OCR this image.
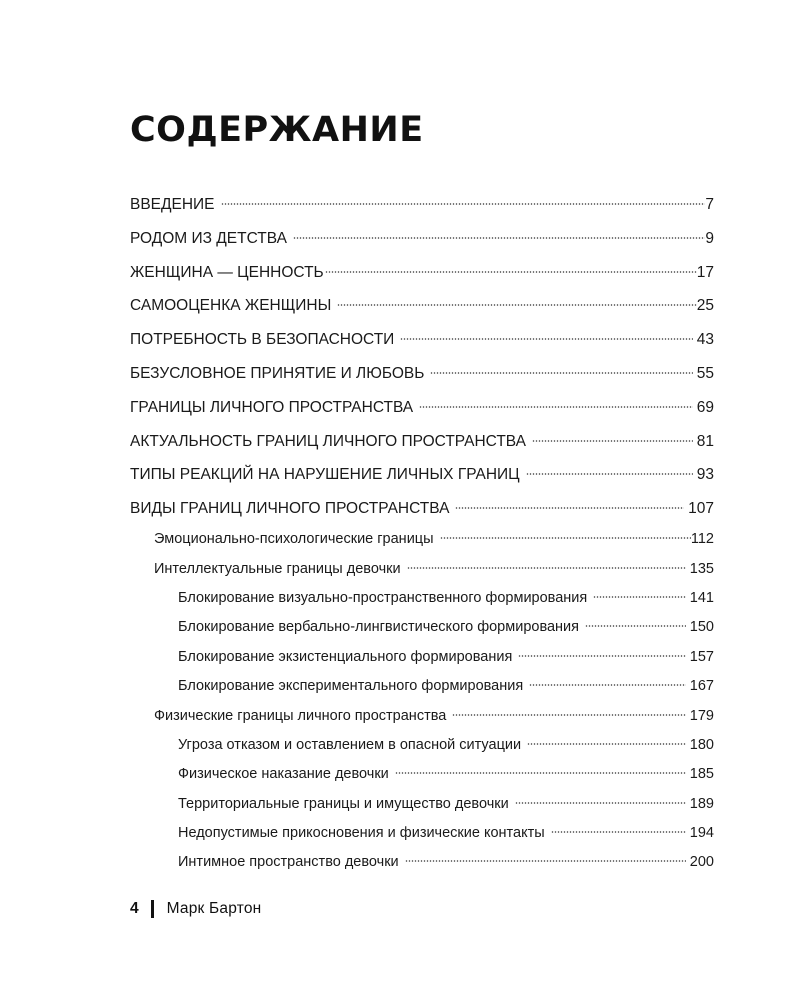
СОДЕРЖАНИЕ
ВВЕДЕНИЕ	7
РОДОМ ИЗ ДЕТСТВА	9
ЖЕНЩИНА — ЦЕННОСТЬ	17
САМООЦЕНКА ЖЕНЩИНЫ	25
ПОТРЕБНОСТЬ В БЕЗОПАСНОСТИ	43
БЕЗУСЛОВНОЕ ПРИНЯТИЕ И ЛЮБОВЬ	55
ГРАНИЦЫ ЛИЧНОГО ПРОСТРАНСТВА	69
АКТУАЛЬНОСТЬ ГРАНИЦ ЛИЧНОГО ПРОСТРАНСТВА	81
ТИПЫ РЕАКЦИЙ НА НАРУШЕНИЕ ЛИЧНЫХ ГРАНИЦ	93
ВИДЫ ГРАНИЦ ЛИЧНОГО ПРОСТРАНСТВА	107
Эмоционально-психологические границы	112
Интеллектуальные границы девочки	135
Блокирование визуально-пространственного формирования	141
Блокирование вербально-лингвистического формирования	150
Блокирование экзистенциального формирования	157
Блокирование экспериментального формирования	167
Физические границы личного пространства	179
Угроза отказом и оставлением в опасной ситуации	180
Физическое наказание девочки	185
Территориальные границы и имущество девочки	189
Недопустимые прикосновения и физические контакты	194
Интимное пространство девочки	200
4 Марк Бартон
